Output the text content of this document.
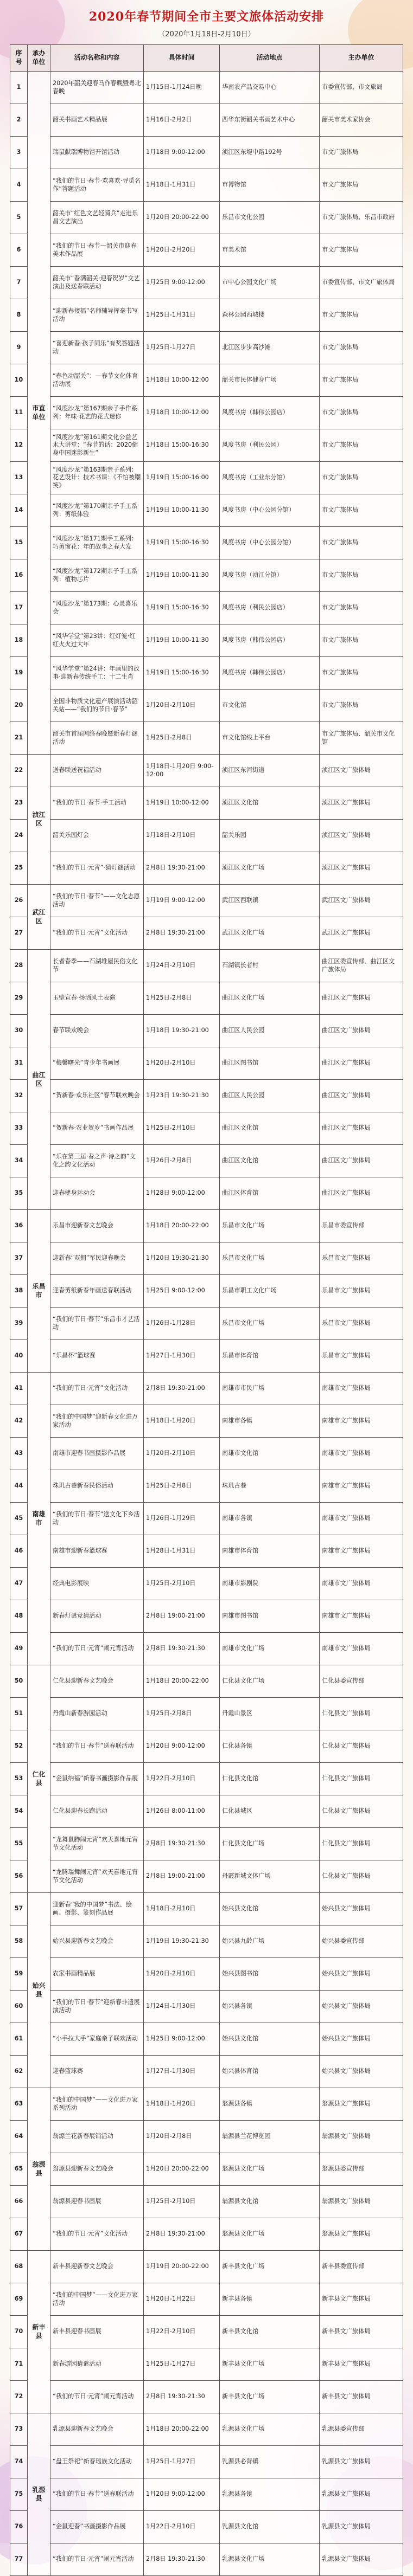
2020年春节期间全市主要文旅体活动安排
（2020年1月18日-2月10日）
序号	承办单位	活动名称和内容	具体时间	活动地点	主办单位
1	市直单位	2020年韶关迎春马作春晚暨粤北春晚	1月15日-1月24日晚	华南农产品交易中心	市委宣传部、市文旅局
2		韶关书画艺术精品展	1月16日-2月2日	西华东街韶关书画艺术中心	韶关市美术家协会
3		瑞鼠献瑞博物馆开馆活动	1月18日 9:00-12:00	浈江区东堤中路192号	市文广旅体局
4		“我们的节日·春节·欢喜欢·寻觅名作”答题活动	1月18日-1月31日	市博物馆	市文广旅体局
5		韶关市“红色文艺轻骑兵”走进乐昌文艺演出	1月20日 20:00-22:00	乐昌市文化公园	市文广旅体局、乐昌市政府
6		“我们的节日·春节—韶关市迎春美术作品展	1月20日-2月20日	市美术馆	市文广旅体局
7		韶关市“春满韶关·迎春贺岁”文艺演出及送春联活动	1月25日 9:00-12:00	市中心公园文化广场	市委宣传部、市文广旅体局
8		“迎新春接福”名师辅导挥毫书写活动	1月25日-1月31日	森林公园西城楼	市文广旅体局
9		“喜迎新春·孩子同乐”有奖答题活动	1月25日-1月27日	北江区步步高沙滩	市文广旅体局
10		“春色动韶关”：—春节文化体育活动展	1月18日 10:00-12:00	韶关市民体健身广场	市文广旅体局
11		“风度沙龙”第167期亲子手作系列：年味·花艺的花式迷你	1月18日 10:00-12:00	风度书房（韩伟公园店）	市文广旅体局
12		“风度沙龙”第161期文化公益艺术大讲堂：“春节的话：2020健身中国迷影新生”	1月18日 15:00-16:30	风度书房（利民公园）	市文广旅体局
13		“风度沙龙”第163期亲子系列：花艺设计：技术书课：《不怕被嘲笑》	1月19日 15:00-16:00	风度书房（工业东分馆）	市文广旅体局
14		“风度沙龙”第170期亲子手工系列：剪纸体验	1月19日 10:00-11:30	风度书房（中心公园分馆）	市文广旅体局
15		“风度沙龙”第171期手工系列：巧剪窗花：年的故事之春大发	1月19日 15:00-16:30	风度书房（中心公园分馆）	市文广旅体局
16		“风度沙龙”第172期亲子手工系列：植物芯片	1月19日 10:00-11:30	风度书房（浈江分馆）	市文广旅体局
17		“风度沙龙”第173期：心灵喜乐会	1月19日 15:00-16:30	风度书房（利民公园店）	市文广旅体局
18		“风华学堂”第23讲：红灯笼·红红火火过大年	1月19日 10:00-11:30	风度书房（韩伟公园店）	市文广旅体局
19		“风华学堂”第24讲：年画里的故事·迎新春传统手工：十二生肖	1月19日 15:00-16:30	风度书房（韩伟公园店）	市文广旅体局
20		全国非物质文化遗产展演活动韶关站——“我们的节日·春节”	1月20日-2月10日	市文化馆	市文广旅体局
21		韶关市首届网络春晚暨新春灯谜活动	1月25日-2月8日	市文化馆线上平台	市文广旅体局、韶关市文化馆
22	浈江区	送春联送祝福活动	1月18日-1月20日 9:00-12:00	浈江区东河街道	浈江区文广旅体局
23		“我们的节日·春节·手工活动	1月19日 10:00-12:00	浈江区文化馆	浈江区文广旅体局
24		韶关乐园灯会	1月18日-2月10日	韶关乐园	浈江区文广旅体局
25		“我们的节日·元宵”·猜灯谜活动	2月8日 19:30-21:00	浈江区文化广场	浈江区文广旅体局
26	武江区	“我们的节日·春节”——文化志愿活动	1月19日 9:00-12:00	武江区西联镇	武江区文广旅体局
27		“我们的节日·元宵”文化活动	2月8日 19:30-21:00	武江区文化广场	武江区文广旅体局
28	曲江区	长者春季——石湖堆屋民俗文化节	1月24日-2月10日	石湖镇长者村	曲江区委宣传部、曲江区文广旅体局
29		玉壁宣春·扬洒风土表演	1月25日-2月8日	曲江区文化广场	曲江区文广旅体局
30		春节联欢晚会	1月18日 19:30-21:00	曲江区人民公园	曲江区文广旅体局
31		“梅馨曙光”青少年书画展	1月20日-2月10日	曲江区图书馆	曲江区文广旅体局
32		“贺新春·欢乐社区”春节联欢晚会	1月23日 19:30-21:30	曲江区人民公园	曲江区文广旅体局
33		“贺新春·农业贺岁”书画作品展	1月25日-2月10日	曲江区文化馆	曲江区文广旅体局
34		“乐在第三届·春之声·诗之韵”文化之韵文化活动	1月26日-2月8日	曲江区文化馆	曲江区文广旅体局
35		迎春健身运动会	1月28日 9:00-12:00	曲江区体育馆	曲江区文广旅体局
36	乐昌市	乐昌市迎新春文艺晚会	1月18日 20:00-22:00	乐昌市文化广场	乐昌市委宣传部
37		迎新春“双拥”军民迎春晚会	1月20日 19:30-21:30	乐昌市文化广场	乐昌市文广旅体局
38		迎春剪纸新春年画送春联活动	1月25日 9:00-12:00	乐昌市职工文化广场	乐昌市文广旅体局
39		“我们的节日·春节”乐昌市才艺活动	1月26日-1月28日	乐昌市文化广场	乐昌市文广旅体局
40		“乐昌杯”篮球赛	1月27日-1月30日	乐昌市体育馆	乐昌市文广旅体局
41	南雄市	“我们的节日·元宵”文化活动	2月8日 19:30-21:00	南雄市市民广场	南雄市文广旅体局
42		“我们的中国梦”迎新春文化进万家活动	1月18日-1月20日	南雄市各镇	南雄市文广旅体局
43		南雄市迎春书画摄影作品展	1月20日-2月10日	南雄市文化馆	南雄市文广旅体局
44		珠玑古巷新春民俗活动	1月25日-2月8日	珠玑古巷	南雄市文广旅体局
45		“我们的节日·春节”送文化下乡活动	1月26日-1月29日	南雄市各镇	南雄市文广旅体局
46		南雄市迎新春篮球赛	1月28日-1月31日	南雄市体育馆	南雄市文广旅体局
47		经典电影展映	1月25日-2月10日	南雄市影剧院	南雄市文广旅体局
48		新春灯谜竞猜活动	2月8日 19:00-21:00	南雄市图书馆	南雄市文广旅体局
49		“我们的节日·元宵”闹元宵活动	2月8日 19:30-21:30	南雄市文化广场	南雄市文广旅体局
50	仁化县	仁化县迎新春文艺晚会	1月18日 20:00-22:00	仁化县文化广场	仁化县委宣传部
51		丹霞山新春游园活动	1月25日-2月8日	丹霞山景区	仁化县文广旅体局
52		“我们的节日·春节”送春联活动	1月20日 9:00-12:00	仁化县各镇	仁化县文广旅体局
53		“金鼠纳福”新春书画摄影作品展	1月22日-2月10日	仁化县文化馆	仁化县文广旅体局
54		仁化县迎春长跑活动	1月26日 8:00-11:00	仁化县城区	仁化县文广旅体局
55		“龙舞鼠腾闹元宵”欢天喜地元宵节文化活动	2月8日 19:30-21:30	仁化县文化广场	仁化县文广旅体局
56		“龙腾瑞舞闹元宵”欢天喜地元宵节文化活动	2月8日 19:00-21:00	丹霞新城文体广场	仁化县文广旅体局
57	始兴县	迎新春“我的中国梦”书法、绘画、摄影、篆刻作品展	1月18日-2月10日	始兴县文化馆	始兴县文广旅体局
58		始兴县迎新春文艺晚会	1月19日 19:30-21:30	始兴县九龄广场	始兴县委宣传部
59		农家书画精品展	1月20日-2月10日	始兴县图书馆	始兴县文广旅体局
60		“我们的节日·春节”迎新春非遗展演活动	1月24日-1月30日	始兴县各镇	始兴县文广旅体局
61		“小手拉大手”家庭亲子联欢活动	1月25日 9:00-12:00	始兴县文化馆	始兴县文广旅体局
62		迎春篮球赛	1月27日-1月30日	始兴县体育馆	始兴县文广旅体局
63	翁源县	“我们的中国梦”——文化进万家系列活动	1月18日-1月20日	翁源县各镇	翁源县文广旅体局
64		翁源兰花新春展销活动	1月20日-2月8日	翁源县兰花博览园	翁源县文广旅体局
65		翁源县迎新春文艺晚会	1月20日 20:00-22:00	翁源县文化广场	翁源县委宣传部
66		翁源县迎春书画展	1月25日-2月10日	翁源县文化馆	翁源县文广旅体局
67		“我们的节日·元宵”文化活动	2月8日 19:30-21:00	翁源县文化广场	翁源县文广旅体局
68	新丰县	新丰县迎新春文艺晚会	1月19日 20:00-22:00	新丰县文化广场	新丰县委宣传部
69		“我们的中国梦”——文化进万家活动	1月20日-1月22日	新丰县各镇	新丰县文广旅体局
70		新丰县迎春书画展	1月22日-2月10日	新丰县文化馆	新丰县文广旅体局
71		新春游园猜谜活动	1月25日-1月27日	新丰县文化广场	新丰县文广旅体局
72		“我们的节日·元宵”闹元宵活动	2月8日 19:30-21:30	新丰县文化广场	新丰县文广旅体局
73	乳源县	乳源县迎新春文艺晚会	1月18日 20:00-22:00	乳源县文化广场	乳源县委宣传部
74		“盘王祭祀”新春瑶族文化活动	1月25日-1月27日	乳源县必背镇	乳源县文广旅体局
75		“我们的节日·春节”送春联活动	1月20日 9:00-12:00	乳源县各镇	乳源县文广旅体局
76		“金鼠迎春”书画摄影作品展	1月22日-2月10日	乳源县文化馆	乳源县文广旅体局
77		“我们的节日·元宵”闹元宵活动	2月8日 19:30-21:30	乳源县文化广场	乳源县文广旅体局
